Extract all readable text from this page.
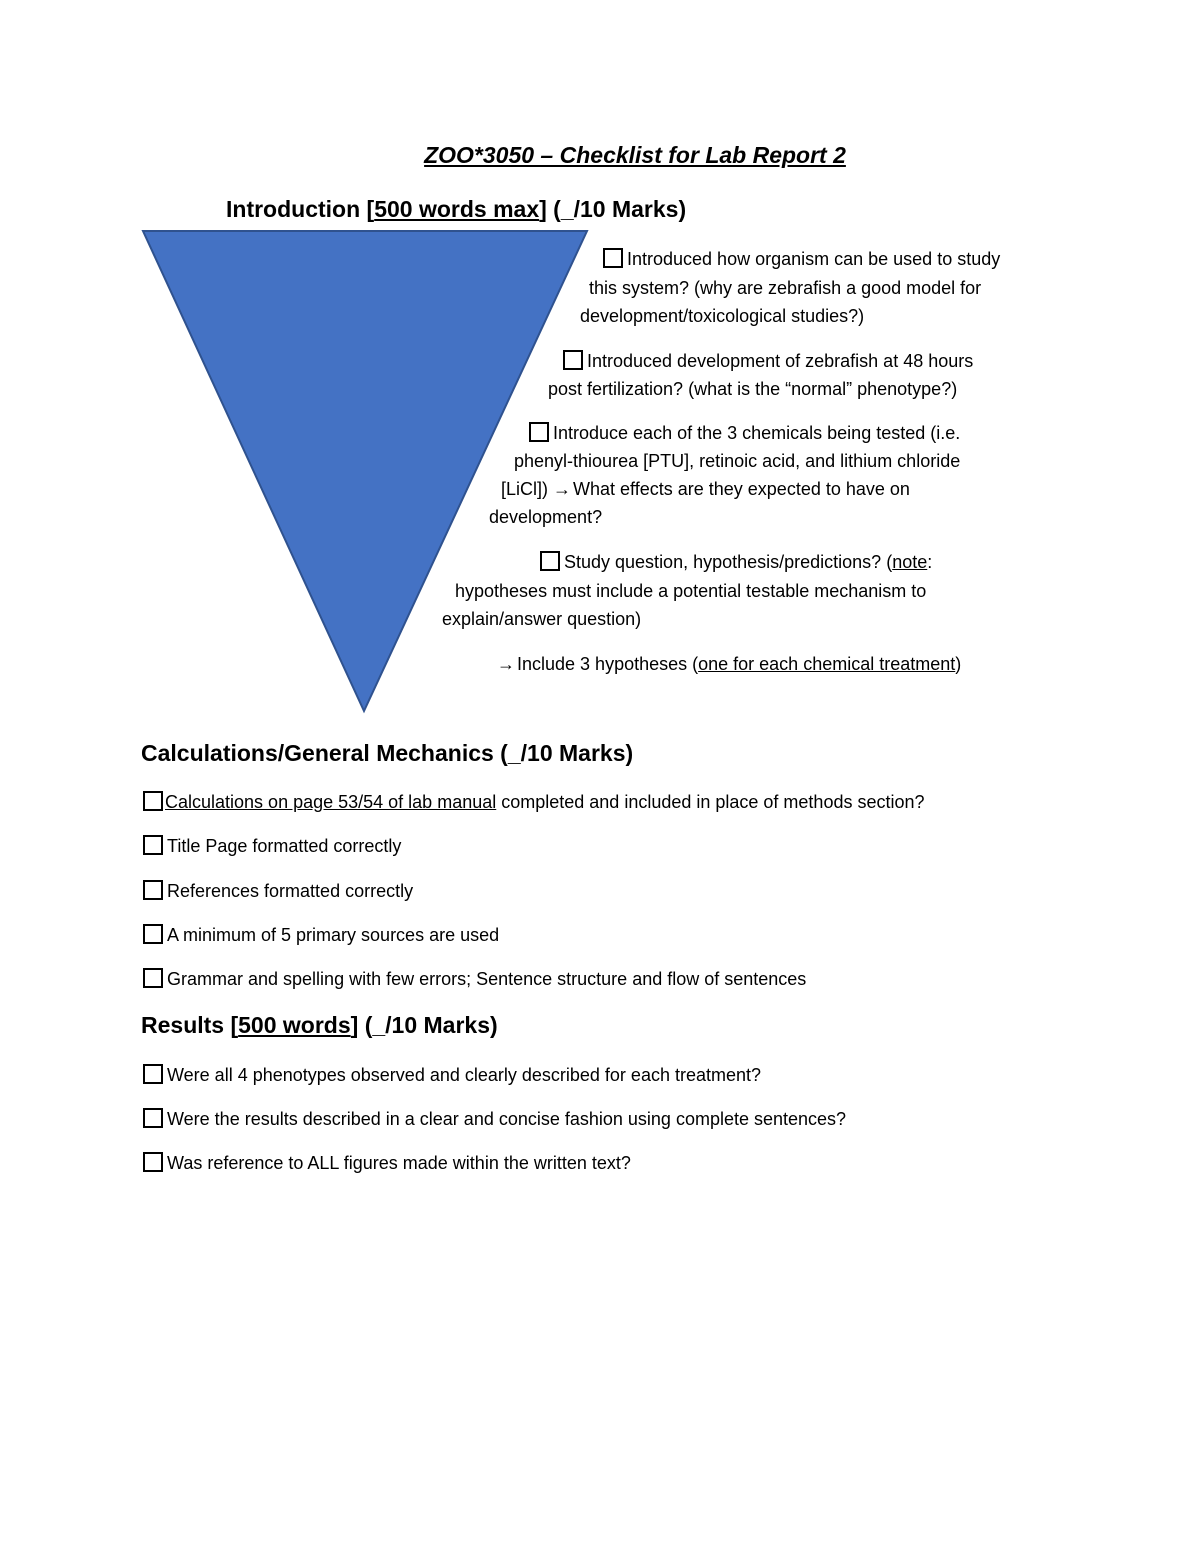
ZOO*3050 – Checklist for Lab Report 2
Introduction [500 words max] (_/10 Marks)
Introduced how organism can be used to study
this system? (why are zebrafish a good model for
development/toxicological studies?)
Introduced development of zebrafish at 48 hours
post fertilization? (what is the “normal” phenotype?)
Introduce each of the 3 chemicals being tested (i.e.
phenyl-thiourea [PTU], retinoic acid, and lithium chloride
[LiCl]) → What effects are they expected to have on
development?
Study question, hypothesis/predictions? (note:
hypotheses must include a potential testable mechanism to
explain/answer question)
→ Include 3 hypotheses (one for each chemical treatment)
Calculations/General Mechanics (_/10 Marks)
Calculations on page 53/54 of lab manual completed and included in place of methods section?
Title Page formatted correctly
References formatted correctly
A minimum of 5 primary sources are used
Grammar and spelling with few errors; Sentence structure and flow of sentences
Results [500 words] (_/10 Marks)
Were all 4 phenotypes observed and clearly described for each treatment?
Were the results described in a clear and concise fashion using complete sentences?
Was reference to ALL figures made within the written text?
